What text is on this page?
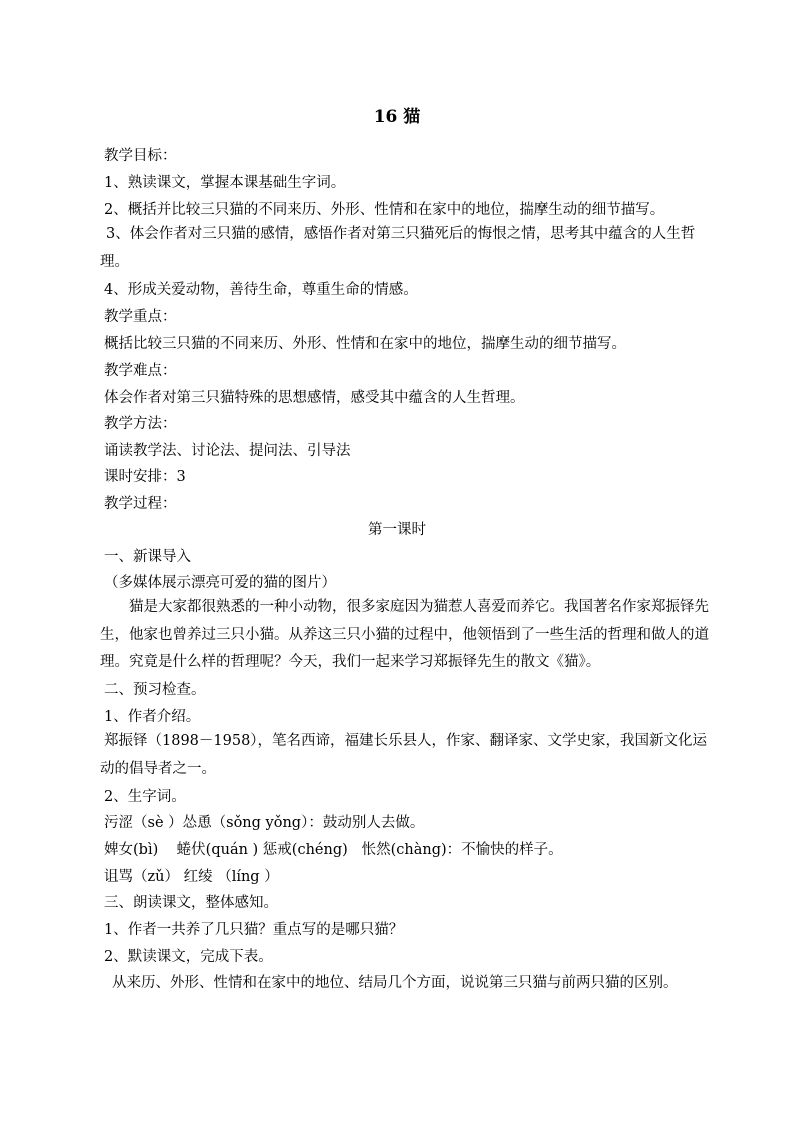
16 猫
教学目标：
1、熟读课文，掌握本课基础生字词。
2、概括并比较三只猫的不同来历、外形、性情和在家中的地位，揣摩生动的细节描写。
3、体会作者对三只猫的感情，感悟作者对第三只猫死后的悔恨之情，思考其中蕴含的人生哲理。
4、形成关爱动物，善待生命，尊重生命的情感。
教学重点：
概括比较三只猫的不同来历、外形、性情和在家中的地位，揣摩生动的细节描写。
教学难点：
体会作者对第三只猫特殊的思想感情，感受其中蕴含的人生哲理。
教学方法：
诵读教学法、讨论法、提问法、引导法
课时安排：3
教学过程：
第一课时
一、新课导入
（多媒体展示漂亮可爱的猫的图片）
猫是大家都很熟悉的一种小动物，很多家庭因为猫惹人喜爱而养它。我国著名作家郑振铎先生，他家也曾养过三只小猫。从养这三只小猫的过程中，他领悟到了一些生活的哲理和做人的道理。究竟是什么样的哲理呢？今天，我们一起来学习郑振铎先生的散文《猫》。
二、预习检查。
1、作者介绍。
郑振铎（1898－1958），笔名西谛，福建长乐县人，作家、翻译家、文学史家，我国新文化运动的倡导者之一。
2、生字词。
污涩（sè ）怂恿（sǒng yǒng）：鼓动别人去做。
婢女(bì)    蜷伏(quán ) 惩戒(chéng)   怅然(chàng)：不愉快的样子。
诅骂（zǔ） 红绫 （líng ）
三、朗读课文，整体感知。
1、作者一共养了几只猫？重点写的是哪只猫？
2、默读课文，完成下表。
从来历、外形、性情和在家中的地位、结局几个方面，说说第三只猫与前两只猫的区别。
